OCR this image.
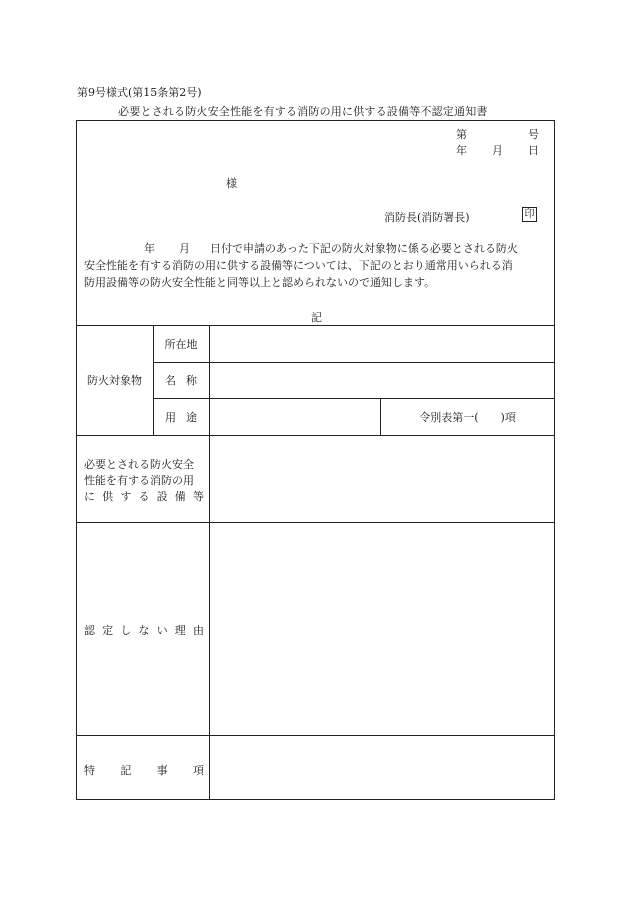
第9号様式(第15条第2号)
必要とされる防火安全性能を有する消防の用に供する設備等不認定通知書
第	号
年 月 日
様
消防長(消防署長)	印
年 月 日付で申請のあった下記の防火対象物に係る必要とされる防火
安全性能を有する消防の用に供する設備等については、下記のとおり通常用いられる消
防用設備等の防火安全性能と同等以上と認められないので通知します。
記
防火対象物
所在地
名 称
用 途	令別表第一(　　)項
必要とされる防火安全
性能を有する消防の用
に 供 す る 設 備 等
認 定 し な い 理 由
特 記 事 項
